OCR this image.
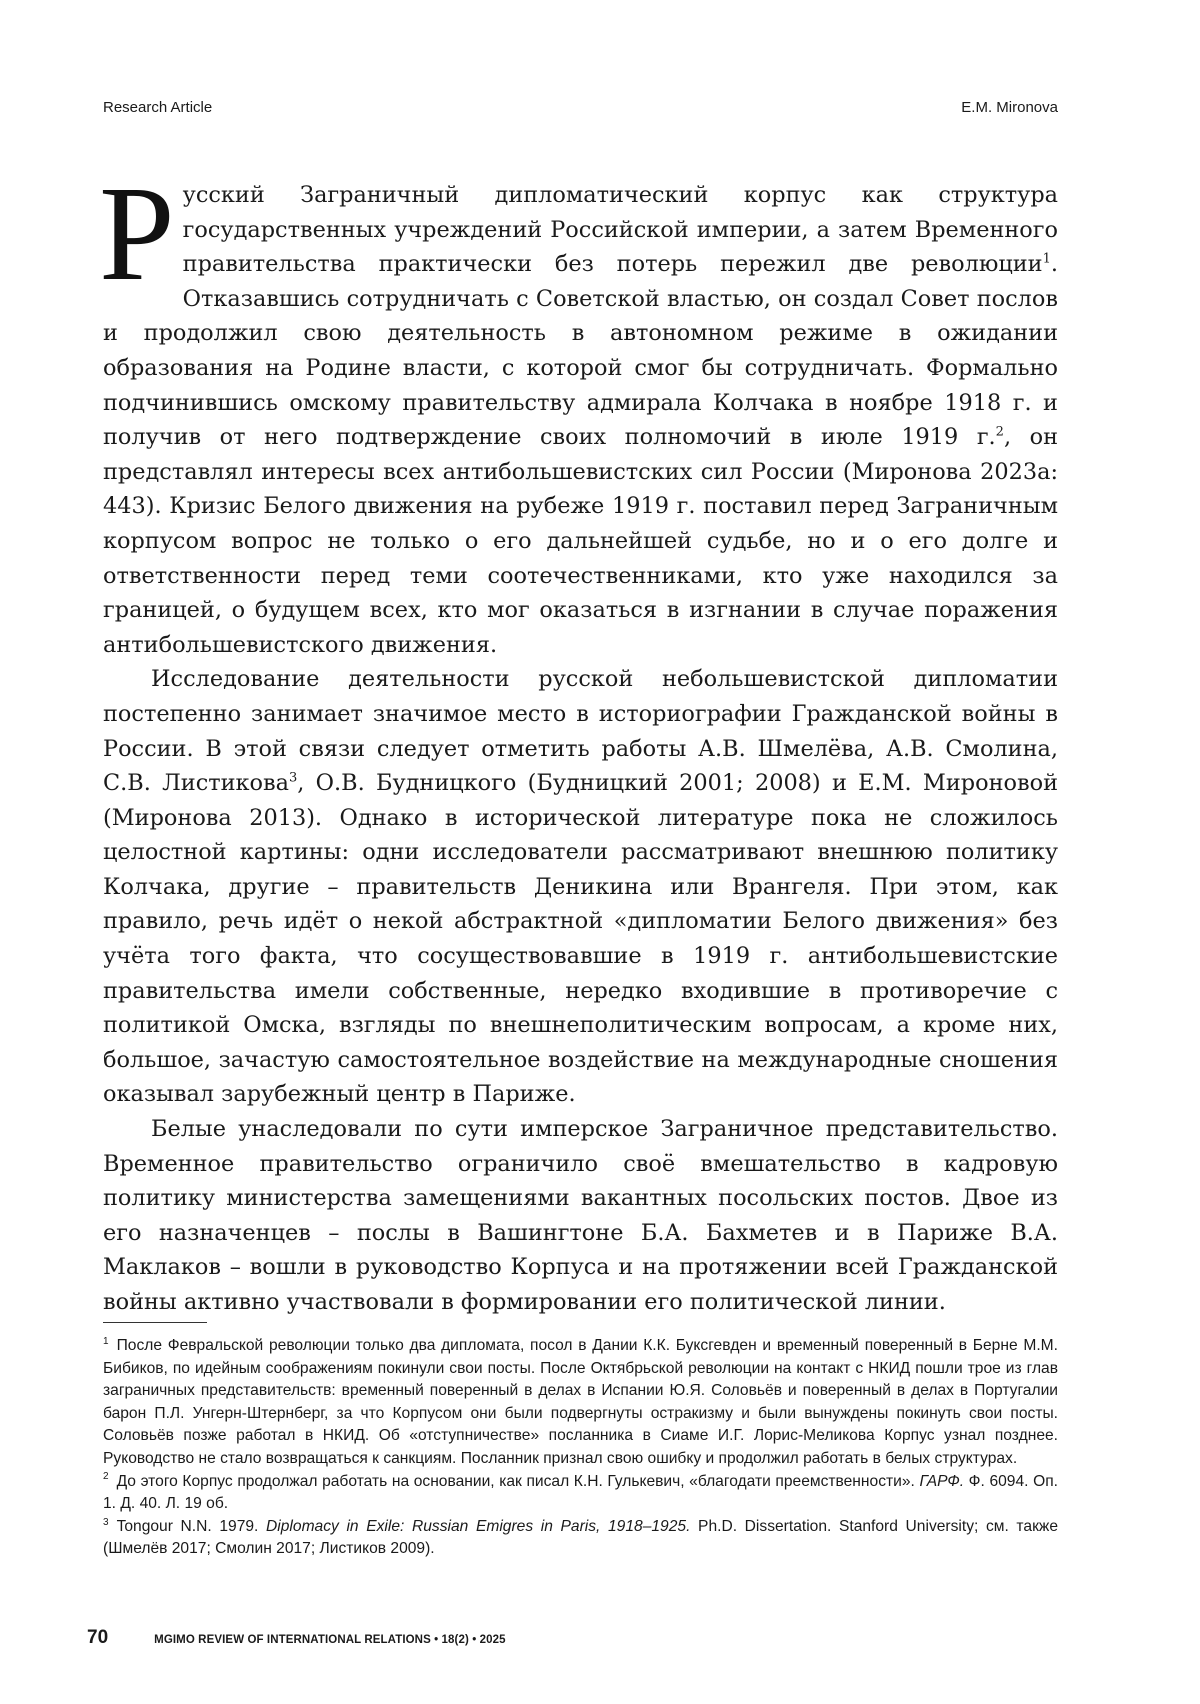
Research Article	E.M. Mironova

Русский Заграничный дипломатический корпус как структура государственных учреждений Российской империи, а затем Временного правительства практически без потерь пережил две революции$^1$. Отказавшись сотрудничать с Советской властью, он создал Совет послов и продолжил свою деятельность в автономном режиме в ожидании образования на Родине власти, с которой смог бы сотрудничать. Формально подчинившись омскому правительству адмирала Колчака в ноябре 1918 г. и получив от него подтверждение своих полномочий в июле 1919 г.$^2$, он представлял интересы всех антибольшевистских сил России (Миронова 2023а: 443). Кризис Белого движения на рубеже 1919 г. поставил перед Заграничным корпусом вопрос не только о его дальнейшей судьбе, но и о его долге и ответственности перед теми соотечественниками, кто уже находился за границей, о будущем всех, кто мог оказаться в изгнании в случае поражения антибольшевистского движения.

Исследование деятельности русской небольшевистской дипломатии постепенно занимает значимое место в историографии Гражданской войны в России. В этой связи следует отметить работы А.В. Шмелёва, А.В. Смолина, С.В. Листикова$^3$, О.В. Будницкого (Будницкий 2001; 2008) и Е.М. Мироновой (Миронова 2013). Однако в исторической литературе пока не сложилось целостной картины: одни исследователи рассматривают внешнюю политику Колчака, другие – правительств Деникина или Врангеля. При этом, как правило, речь идёт о некой абстрактной «дипломатии Белого движения» без учёта того факта, что сосуществовавшие в 1919 г. антибольшевистские правительства имели собственные, нередко входившие в противоречие с политикой Омска, взгляды по внешнеполитическим вопросам, а кроме них, большое, зачастую самостоятельное воздействие на международные сношения оказывал зарубежный центр в Париже.

Белые унаследовали по сути имперское Заграничное представительство. Временное правительство ограничило своё вмешательство в кадровую политику министерства замещениями вакантных посольских постов. Двое из его назначенцев – послы в Вашингтоне Б.А. Бахметев и в Париже В.А. Маклаков – вошли в руководство Корпуса и на протяжении всей Гражданской войны активно участвовали в формировании его политической линии.

$^1$ После Февральской революции только два дипломата, посол в Дании К.К. Буксгевден и временный поверенный в Берне М.М. Бибиков, по идейным соображениям покинули свои посты. После Октябрьской революции на контакт с НКИД пошли трое из глав заграничных представительств: временный поверенный в делах в Испании Ю.Я. Соловьёв и поверенный в делах в Португалии барон П.Л. Унгерн-Штернберг, за что Корпусом они были подвергнуты остракизму и были вынуждены покинуть свои посты. Соловьёв позже работал в НКИД. Об «отступничестве» посланника в Сиаме И.Г. Лорис-Меликова Корпус узнал позднее. Руководство не стало возвращаться к санкциям. Посланник признал свою ошибку и продолжил работать в белых структурах.

$^2$ До этого Корпус продолжал работать на основании, как писал К.Н. Гулькевич, «благодати преемственности». ГАРФ. Ф. 6094. Оп. 1. Д. 40. Л. 19 об.

$^3$ Tongour N.N. 1979. Diplomacy in Exile: Russian Emigres in Paris, 1918–1925. Ph.D. Dissertation. Stanford University; см. также (Шмелёв 2017; Смолин 2017; Листиков 2009).

70	MGIMO REVIEW OF INTERNATIONAL RELATIONS • 18(2) • 2025
